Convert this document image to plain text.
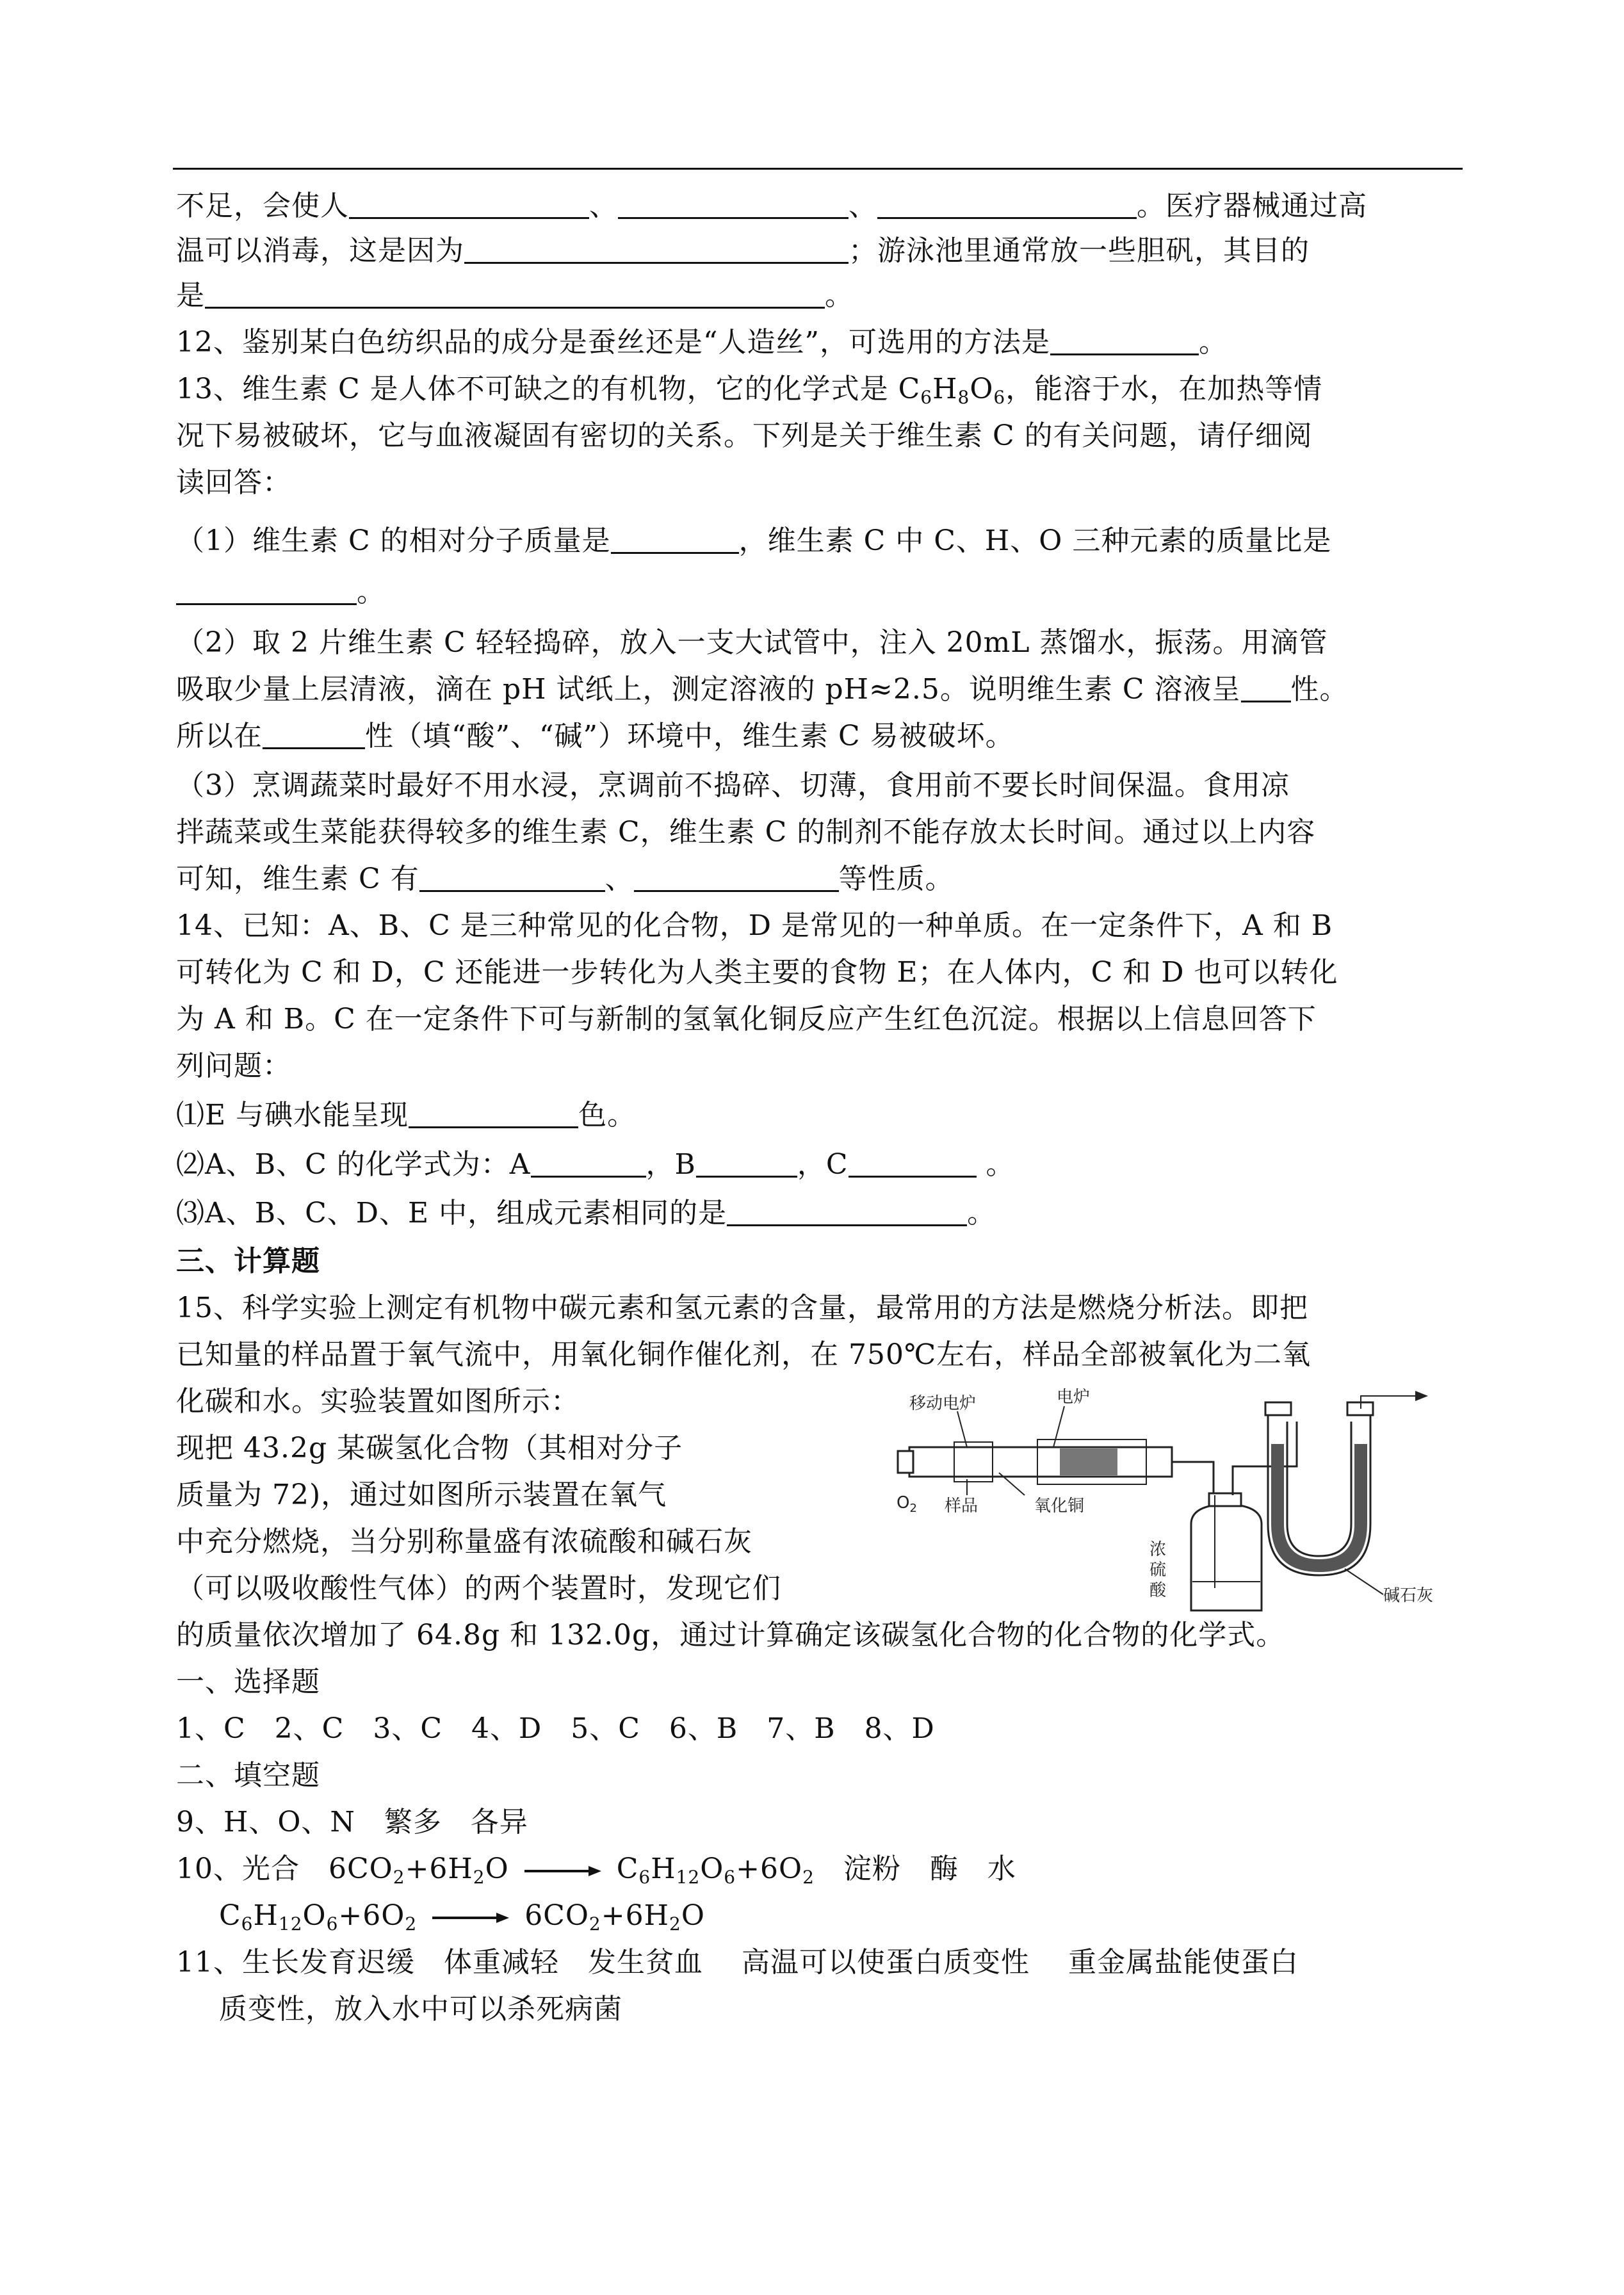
不足，会使人	、	、	。医疗器械通过高
温可以消毒，这是因为	；游泳池里通常放一些胆矾，其目的
是	。
12、鉴别某白色纺织品的成分是蚕丝还是“人造丝”，可选用的方法是	。
13、维生素 C 是人体不可缺之的有机物，它的化学式是 $C_6H_8O_6$，能溶于水，在加热等情
况下易被破坏，它与血液凝固有密切的关系。下列是关于维生素 C 的有关问题，请仔细阅
读回答：
（1）维生素 C 的相对分子质量是	，维生素 C 中 C、H、O 三种元素的质量比是
。
（2）取 2 片维生素 C 轻轻捣碎，放入一支大试管中，注入 20mL 蒸馏水，振荡。用滴管
吸取少量上层清液，滴在 pH 试纸上，测定溶液的 pH≈2.5。说明维生素 C 溶液呈 性。
所以在	性（填“酸”、“碱”）环境中，维生素 C 易被破坏。
（3）烹调蔬菜时最好不用水浸，烹调前不捣碎、切薄，食用前不要长时间保温。食用凉
拌蔬菜或生菜能获得较多的维生素 C，维生素 C 的制剂不能存放太长时间。通过以上内容
可知，维生素 C 有	、	等性质。
14、已知：A、B、C 是三种常见的化合物，D 是常见的一种单质。在一定条件下，A 和 B
可转化为 C 和 D，C 还能进一步转化为人类主要的食物 E；在人体内，C 和 D 也可以转化
为 A 和 B。C 在一定条件下可与新制的氢氧化铜反应产生红色沉淀。根据以上信息回答下
列问题：
⑴E 与碘水能呈现	色。
⑵A、B、C 的化学式为：A	，B	，C	。
⑶A、B、C、D、E 中，组成元素相同的是	。
三、计算题
15、科学实验上测定有机物中碳元素和氢元素的含量，最常用的方法是燃烧分析法。即把
已知量的样品置于氧气流中，用氧化铜作催化剂，在 750℃左右，样品全部被氧化为二氧
化碳和水。实验装置如图所示：
现把 43.2g 某碳氢化合物（其相对分子
质量为 72)，通过如图所示装置在氧气
中充分燃烧，当分别称量盛有浓硫酸和碱石灰
（可以吸收酸性气体）的两个装置时，发现它们
的质量依次增加了 64.8g 和 132.0g，通过计算确定该碳氢化合物的化合物的化学式。
移动电炉	电炉
$O_2$ 样品	氧化铜
浓
硫
酸	碱石灰
一、选择题
1、C　2、C　3、C　4、D　5、C　6、B　7、B　8、D
二、填空题
9、H、O、N　繁多　各异
10、光合　$6CO_2+6H_2O \to C_6H_{12}O_6+6O_2$　淀粉　酶　水
$C_6H_{12}O_6+6O_2 \to 6CO_2+6H_2O$
11、生长发育迟缓　体重减轻　发生贫血　 高温可以使蛋白质变性　 重金属盐能使蛋白
质变性，放入水中可以杀死病菌
